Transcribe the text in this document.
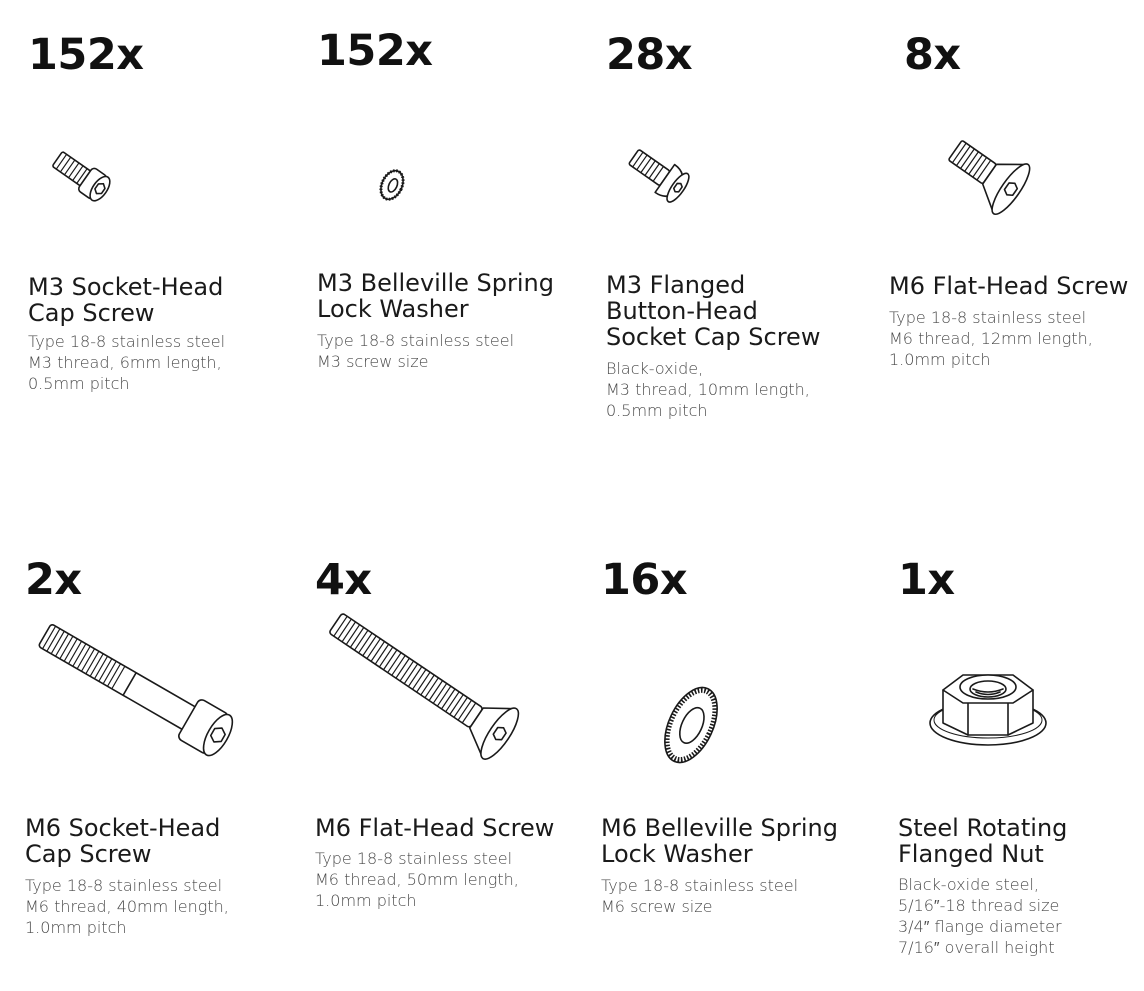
152x
M3 Socket-Head
Cap Screw
Type 18-8 stainless steel
M3 thread, 6mm length,
0.5mm pitch
152x
M3 Belleville Spring
Lock Washer
Type 18-8 stainless steel
M3 screw size
28x
M3 Flanged
Button-Head
Socket Cap Screw
Black-oxide,
M3 thread, 10mm length,
0.5mm pitch
8x
M6 Flat-Head Screw
Type 18-8 stainless steel
M6 thread, 12mm length,
1.0mm pitch
2x
M6 Socket-Head
Cap Screw
Type 18-8 stainless steel
M6 thread, 40mm length,
1.0mm pitch
4x
M6 Flat-Head Screw
Type 18-8 stainless steel
M6 thread, 50mm length,
1.0mm pitch
16x
M6 Belleville Spring
Lock Washer
Type 18-8 stainless steel
M6 screw size
1x
Steel Rotating
Flanged Nut
Black-oxide steel,
5/16″-18 thread size
3/4″ flange diameter
7/16″ overall height
